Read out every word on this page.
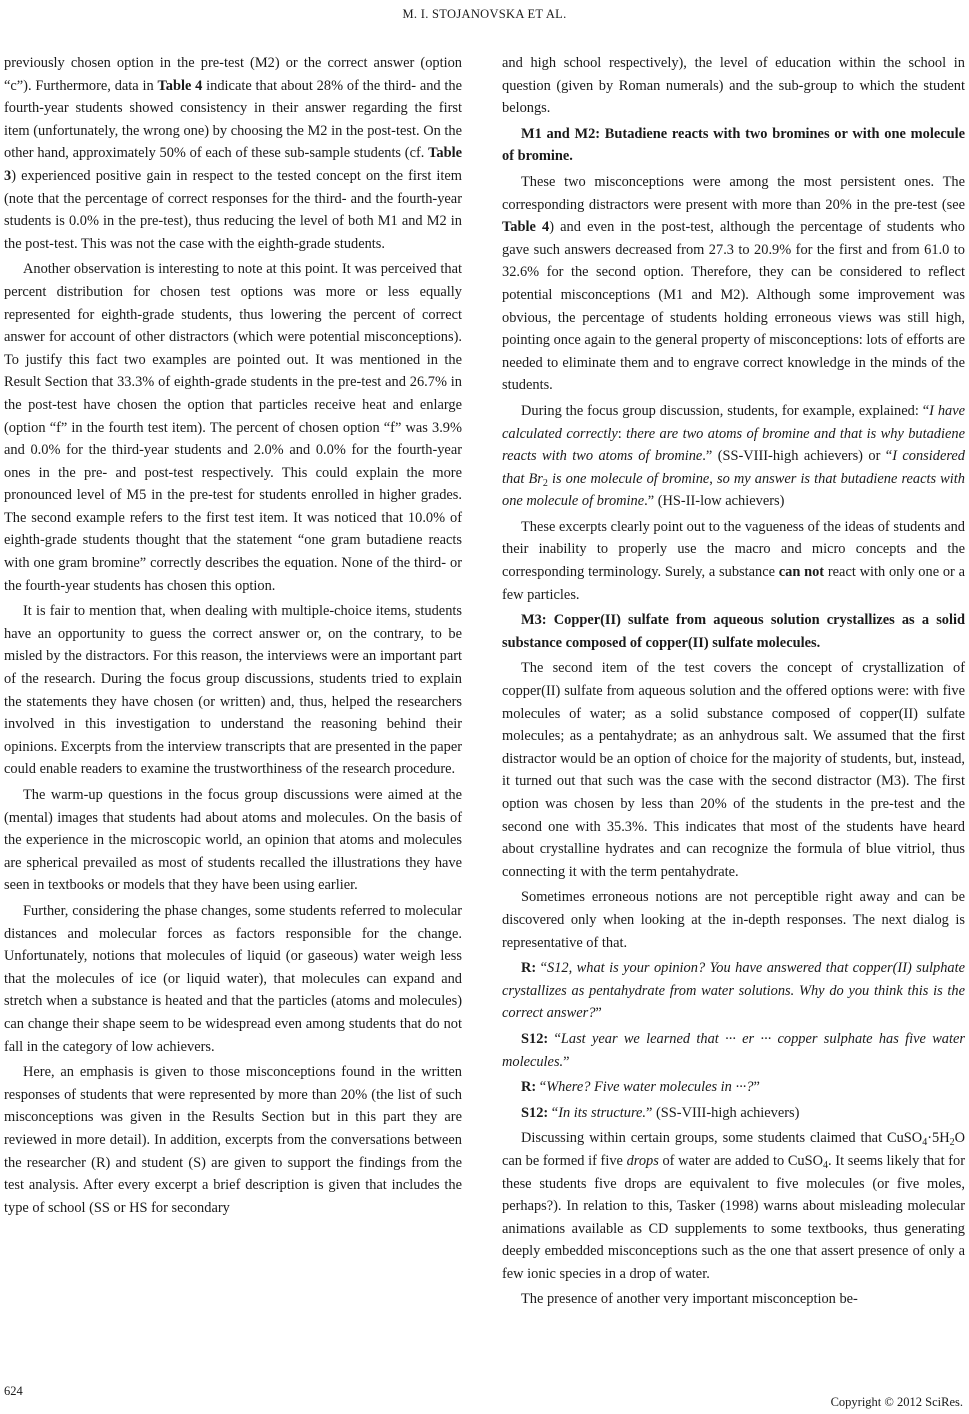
M. I. STOJANOVSKA ET AL.

previously chosen option in the pre-test (M2) or the correct answer (option “c”). Furthermore, data in Table 4 indicate that about 28% of the third- and the fourth-year students showed consistency in their answer regarding the first item (unfortunately, the wrong one) by choosing the M2 in the post-test. On the other hand, approximately 50% of each of these sub-sample students (cf. Table 3) experienced positive gain in respect to the tested concept on the first item (note that the percentage of correct responses for the third- and the fourth-year students is 0.0% in the pre-test), thus reducing the level of both M1 and M2 in the post-test. This was not the case with the eighth-grade students.

Another observation is interesting to note at this point. It was perceived that percent distribution for chosen test options was more or less equally represented for eighth-grade students, thus lowering the percent of correct answer for account of other distractors (which were potential misconceptions). To justify this fact two examples are pointed out. It was mentioned in the Result Section that 33.3% of eighth-grade students in the pre-test and 26.7% in the post-test have chosen the option that particles receive heat and enlarge (option “f” in the fourth test item). The percent of chosen option “f” was 3.9% and 0.0% for the third-year students and 2.0% and 0.0% for the fourth-year ones in the pre- and post-test respectively. This could explain the more pronounced level of M5 in the pre-test for students enrolled in higher grades. The second example refers to the first test item. It was noticed that 10.0% of eighth-grade students thought that the statement “one gram butadiene reacts with one gram bromine” correctly describes the equation. None of the third- or the fourth-year students has chosen this option.

It is fair to mention that, when dealing with multiple-choice items, students have an opportunity to guess the correct answer or, on the contrary, to be misled by the distractors. For this reason, the interviews were an important part of the research. During the focus group discussions, students tried to explain the statements they have chosen (or written) and, thus, helped the researchers involved in this investigation to understand the reasoning behind their opinions. Excerpts from the interview transcripts that are presented in the paper could enable readers to examine the trustworthiness of the research procedure.

The warm-up questions in the focus group discussions were aimed at the (mental) images that students had about atoms and molecules. On the basis of the experience in the microscopic world, an opinion that atoms and molecules are spherical prevailed as most of students recalled the illustrations they have seen in textbooks or models that they have been using earlier.

Further, considering the phase changes, some students referred to molecular distances and molecular forces as factors responsible for the change. Unfortunately, notions that molecules of liquid (or gaseous) water weigh less that the molecules of ice (or liquid water), that molecules can expand and stretch when a substance is heated and that the particles (atoms and molecules) can change their shape seem to be widespread even among students that do not fall in the category of low achievers.

Here, an emphasis is given to those misconceptions found in the written responses of students that were represented by more than 20% (the list of such misconceptions was given in the Results Section but in this part they are reviewed in more detail). In addition, excerpts from the conversations between the researcher (R) and student (S) are given to support the findings from the test analysis. After every excerpt a brief description is given that includes the type of school (SS or HS for secondary

and high school respectively), the level of education within the school in question (given by Roman numerals) and the sub-group to which the student belongs.

M1 and M2: Butadiene reacts with two bromines or with one molecule of bromine.

These two misconceptions were among the most persistent ones. The corresponding distractors were present with more than 20% in the pre-test (see Table 4) and even in the post-test, although the percentage of students who gave such answers decreased from 27.3 to 20.9% for the first and from 61.0 to 32.6% for the second option. Therefore, they can be considered to reflect potential misconceptions (M1 and M2). Although some improvement was obvious, the percentage of students holding erroneous views was still high, pointing once again to the general property of misconceptions: lots of efforts are needed to eliminate them and to engrave correct knowledge in the minds of the students.

During the focus group discussion, students, for example, explained: “I have calculated correctly: there are two atoms of bromine and that is why butadiene reacts with two atoms of bromine.” (SS-VIII-high achievers) or “I considered that $Br_2$ is one molecule of bromine, so my answer is that butadiene reacts with one molecule of bromine.” (HS-II-low achievers)

These excerpts clearly point out to the vagueness of the ideas of students and their inability to properly use the macro and micro concepts and the corresponding terminology. Surely, a substance can not react with only one or a few particles.

M3: Copper(II) sulfate from aqueous solution crystallizes as a solid substance composed of copper(II) sulfate molecules.

The second item of the test covers the concept of crystallization of copper(II) sulfate from aqueous solution and the offered options were: with five molecules of water; as a solid substance composed of copper(II) sulfate molecules; as a pentahydrate; as an anhydrous salt. We assumed that the first distractor would be an option of choice for the majority of students, but, instead, it turned out that such was the case with the second distractor (M3). The first option was chosen by less than 20% of the students in the pre-test and the second one with 35.3%. This indicates that most of the students have heard about crystalline hydrates and can recognize the formula of blue vitriol, thus connecting it with the term pentahydrate.

Sometimes erroneous notions are not perceptible right away and can be discovered only when looking at the in-depth responses. The next dialog is representative of that.

R: “S12, what is your opinion? You have answered that copper(II) sulphate crystallizes as pentahydrate from water solutions. Why do you think this is the correct answer?”

S12: “Last year we learned that ··· er ··· copper sulphate has five water molecules.”

R: “Where? Five water molecules in ···?”

S12: “In its structure.” (SS-VIII-high achievers)

Discussing within certain groups, some students claimed that $CuSO_4\cdot 5H_2O$ can be formed if five drops of water are added to CuSO$_4$. It seems likely that for these students five drops are equivalent to five molecules (or five moles, perhaps?). In relation to this, Tasker (1998) warns about misleading molecular animations available as CD supplements to some textbooks, thus generating deeply embedded misconceptions such as the one that assert presence of only a few ionic species in a drop of water.

The presence of another very important misconception be-

624
Copyright © 2012 SciRes.
